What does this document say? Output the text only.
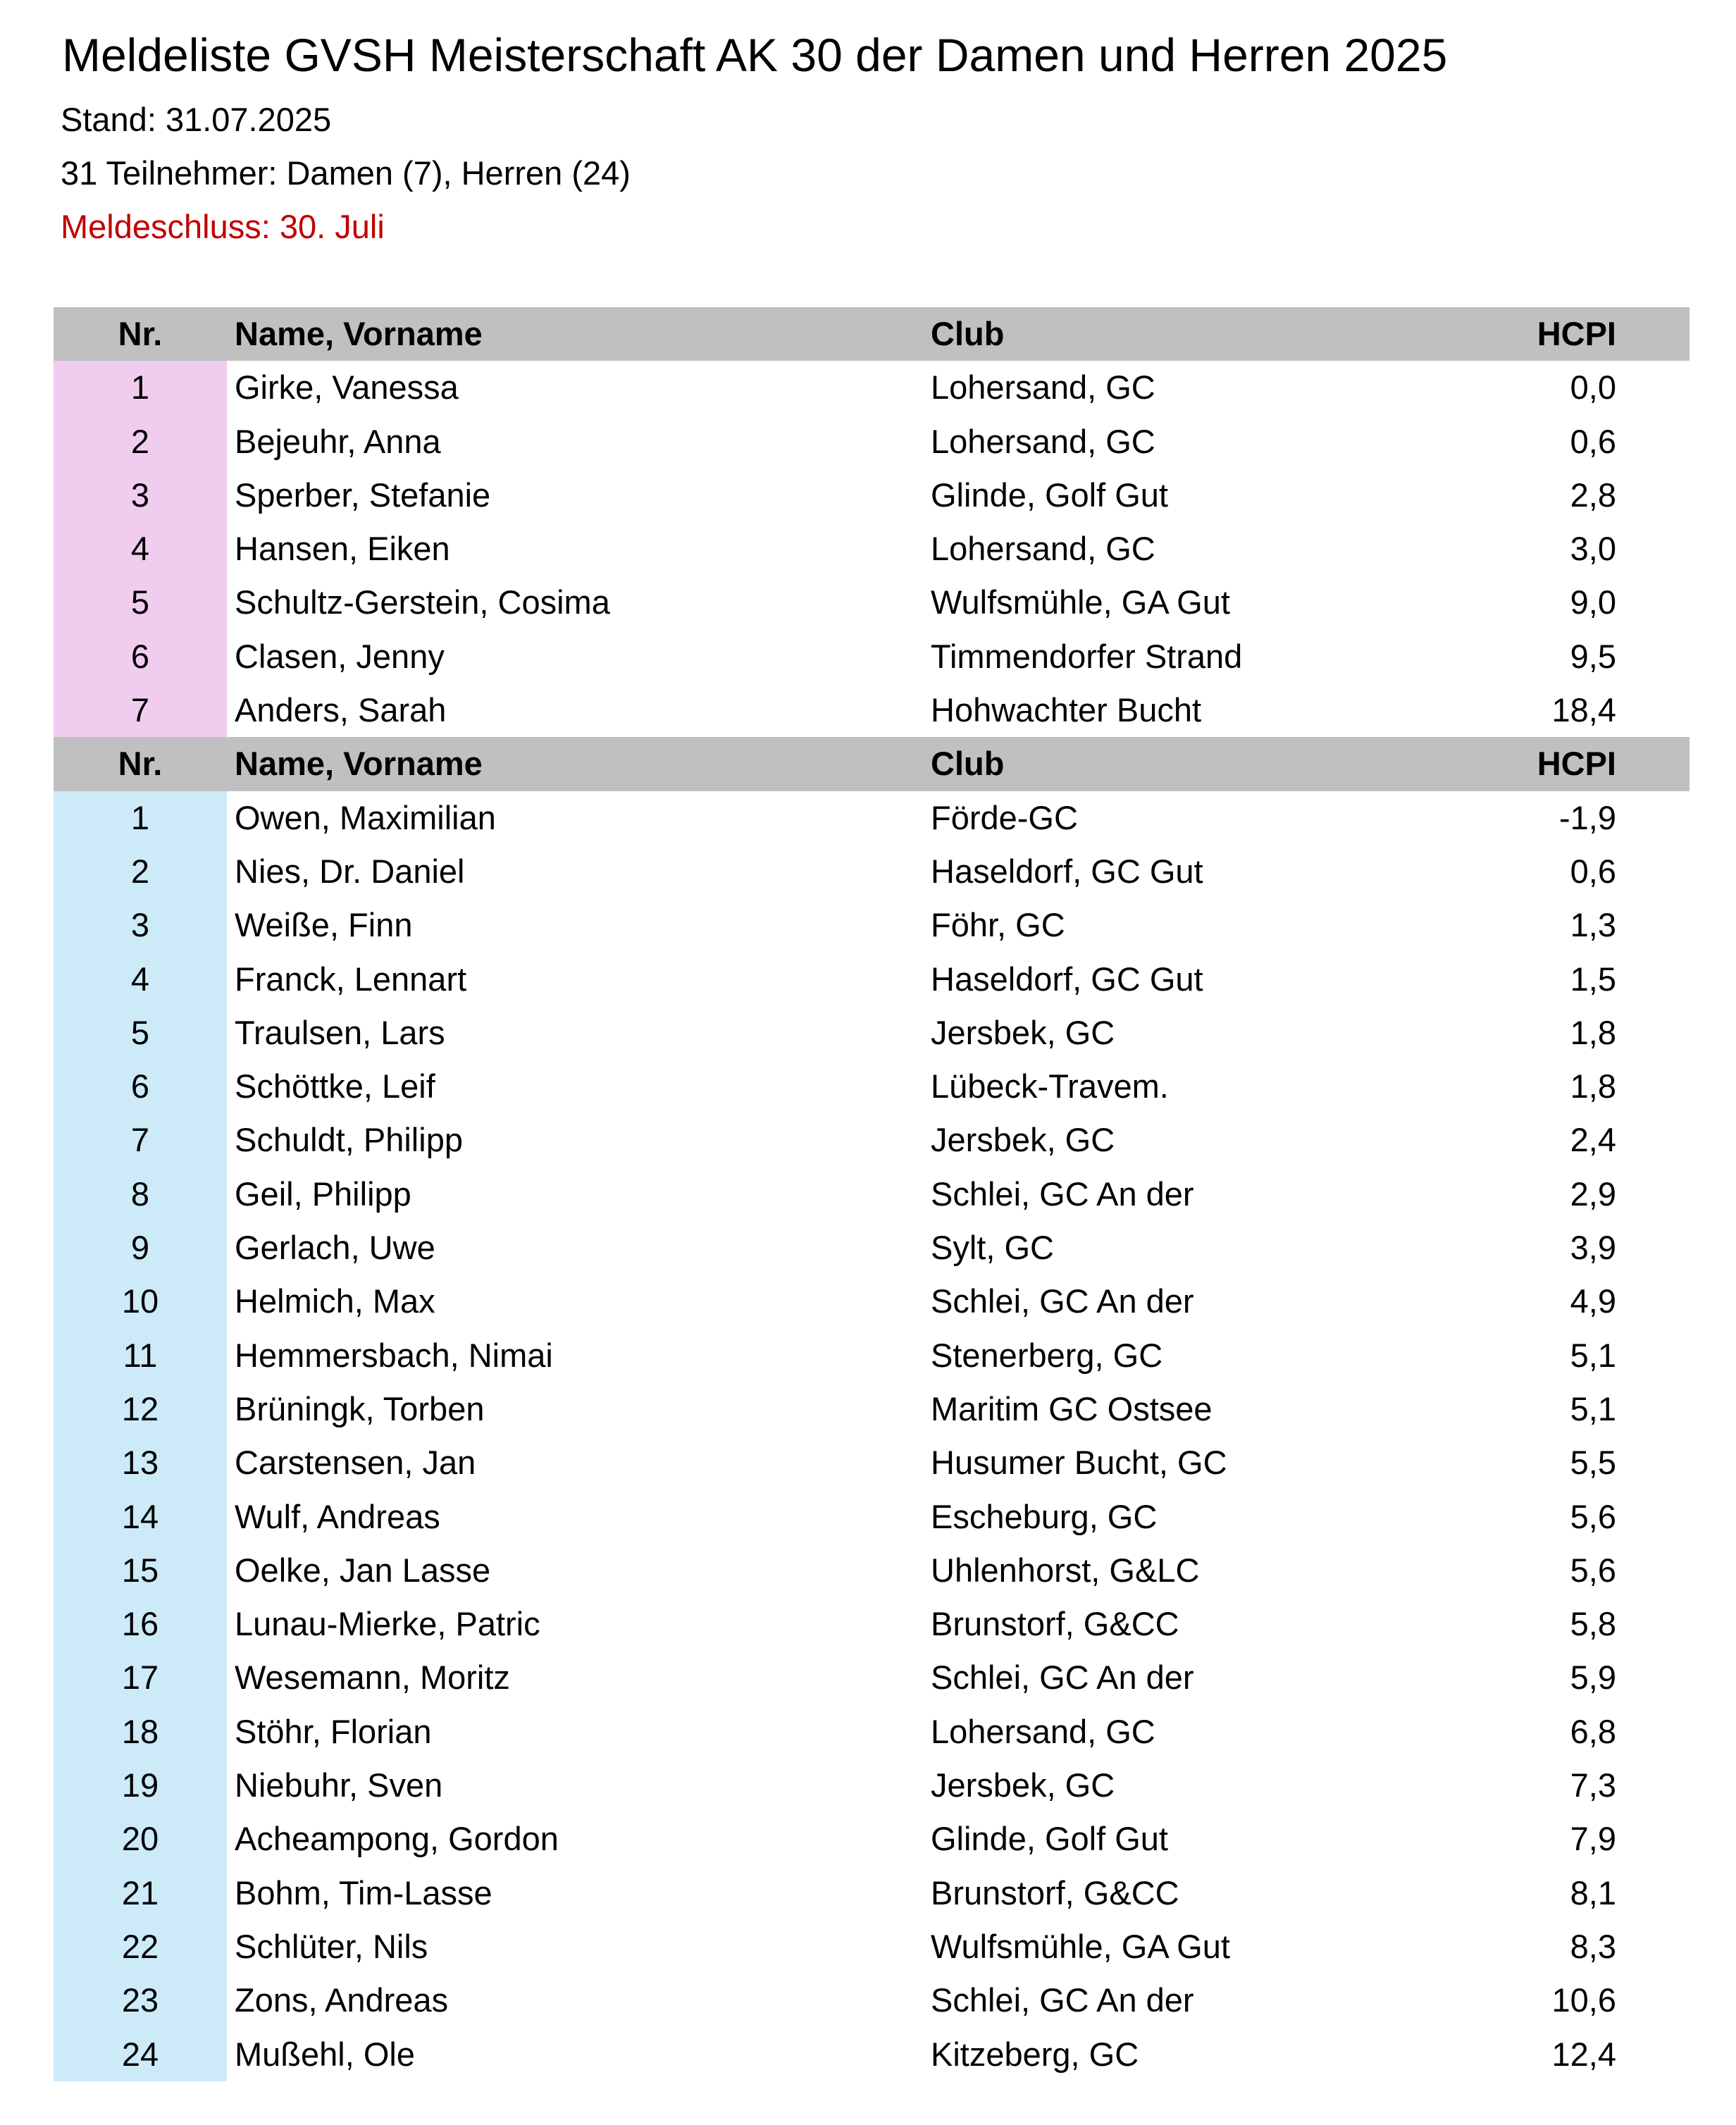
Meldeliste GVSH Meisterschaft AK 30 der Damen und Herren 2025
Stand: 31.07.2025
31 Teilnehmer: Damen (7), Herren (24)
Meldeschluss: 30. Juli
Nr.	Name, Vorname	Club	HCPI
1	Girke, Vanessa	Lohersand, GC	0,0
2	Bejeuhr, Anna	Lohersand, GC	0,6
3	Sperber, Stefanie	Glinde, Golf Gut	2,8
4	Hansen, Eiken	Lohersand, GC	3,0
5	Schultz-Gerstein, Cosima	Wulfsmühle, GA Gut	9,0
6	Clasen, Jenny	Timmendorfer Strand	9,5
7	Anders, Sarah	Hohwachter Bucht	18,4
Nr.	Name, Vorname	Club	HCPI
1	Owen, Maximilian	Förde-GC	-1,9
2	Nies, Dr. Daniel	Haseldorf, GC Gut	0,6
3	Weiße, Finn	Föhr, GC	1,3
4	Franck, Lennart	Haseldorf, GC Gut	1,5
5	Traulsen, Lars	Jersbek, GC	1,8
6	Schöttke, Leif	Lübeck-Travem.	1,8
7	Schuldt, Philipp	Jersbek, GC	2,4
8	Geil, Philipp	Schlei, GC An der	2,9
9	Gerlach, Uwe	Sylt, GC	3,9
10	Helmich, Max	Schlei, GC An der	4,9
11	Hemmersbach, Nimai	Stenerberg, GC	5,1
12	Brüningk, Torben	Maritim GC Ostsee	5,1
13	Carstensen, Jan	Husumer Bucht, GC	5,5
14	Wulf, Andreas	Escheburg, GC	5,6
15	Oelke, Jan Lasse	Uhlenhorst, G&LC	5,6
16	Lunau-Mierke, Patric	Brunstorf, G&CC	5,8
17	Wesemann, Moritz	Schlei, GC An der	5,9
18	Stöhr, Florian	Lohersand, GC	6,8
19	Niebuhr, Sven	Jersbek, GC	7,3
20	Acheampong, Gordon	Glinde, Golf Gut	7,9
21	Bohm, Tim-Lasse	Brunstorf, G&CC	8,1
22	Schlüter, Nils	Wulfsmühle, GA Gut	8,3
23	Zons, Andreas	Schlei, GC An der	10,6
24	Mußehl, Ole	Kitzeberg, GC	12,4
